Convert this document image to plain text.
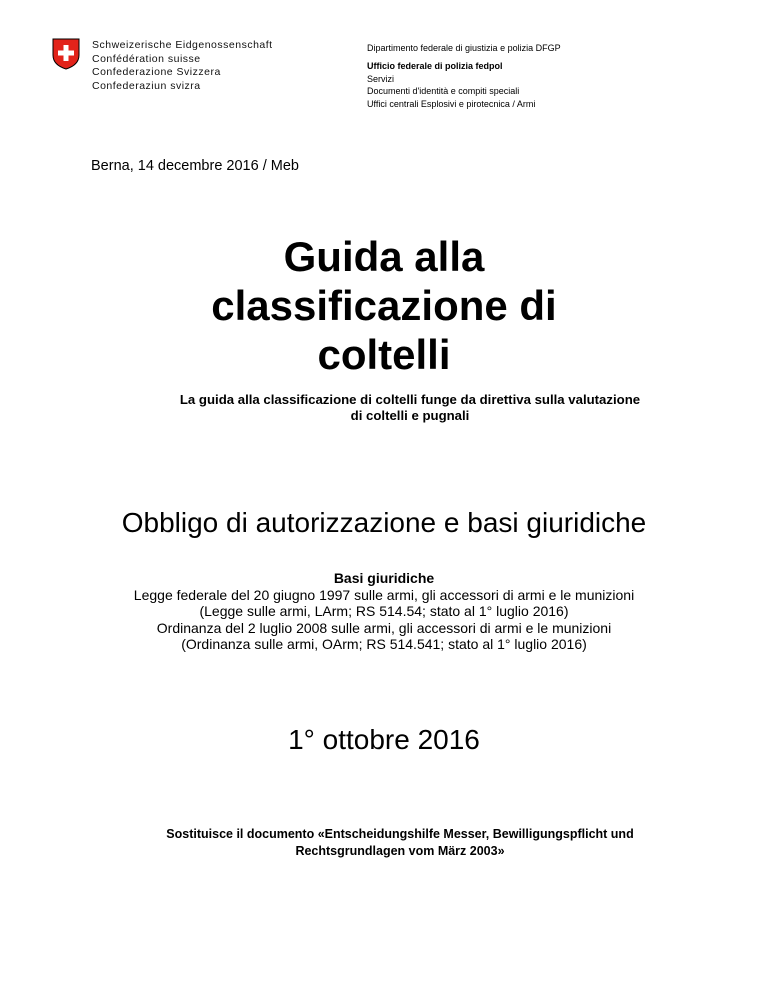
Schweizerische Eidgenossenschaft
Confédération suisse
Confederazione Svizzera
Confederaziun svizra
Dipartimento federale di giustizia e polizia DFGP
Ufficio federale di polizia fedpol
Servizi
Documenti d'identità e compiti speciali
Uffici centrali Esplosivi e pirotecnica / Armi
Berna, 14 decembre 2016 / Meb
Guida alla
classificazione di
coltelli
La guida alla classificazione di coltelli funge da direttiva sulla valutazione
di coltelli e pugnali
Obbligo di autorizzazione e basi giuridiche
Basi giuridiche
Legge federale del 20 giugno 1997 sulle armi, gli accessori di armi e le munizioni
(Legge sulle armi, LArm; RS 514.54; stato al 1° luglio 2016)
Ordinanza del 2 luglio 2008 sulle armi, gli accessori di armi e le munizioni
(Ordinanza sulle armi, OArm; RS 514.541; stato al 1° luglio 2016)
1° ottobre 2016
Sostituisce il documento «Entscheidungshilfe Messer, Bewilligungspflicht und
Rechtsgrundlagen vom März 2003»
